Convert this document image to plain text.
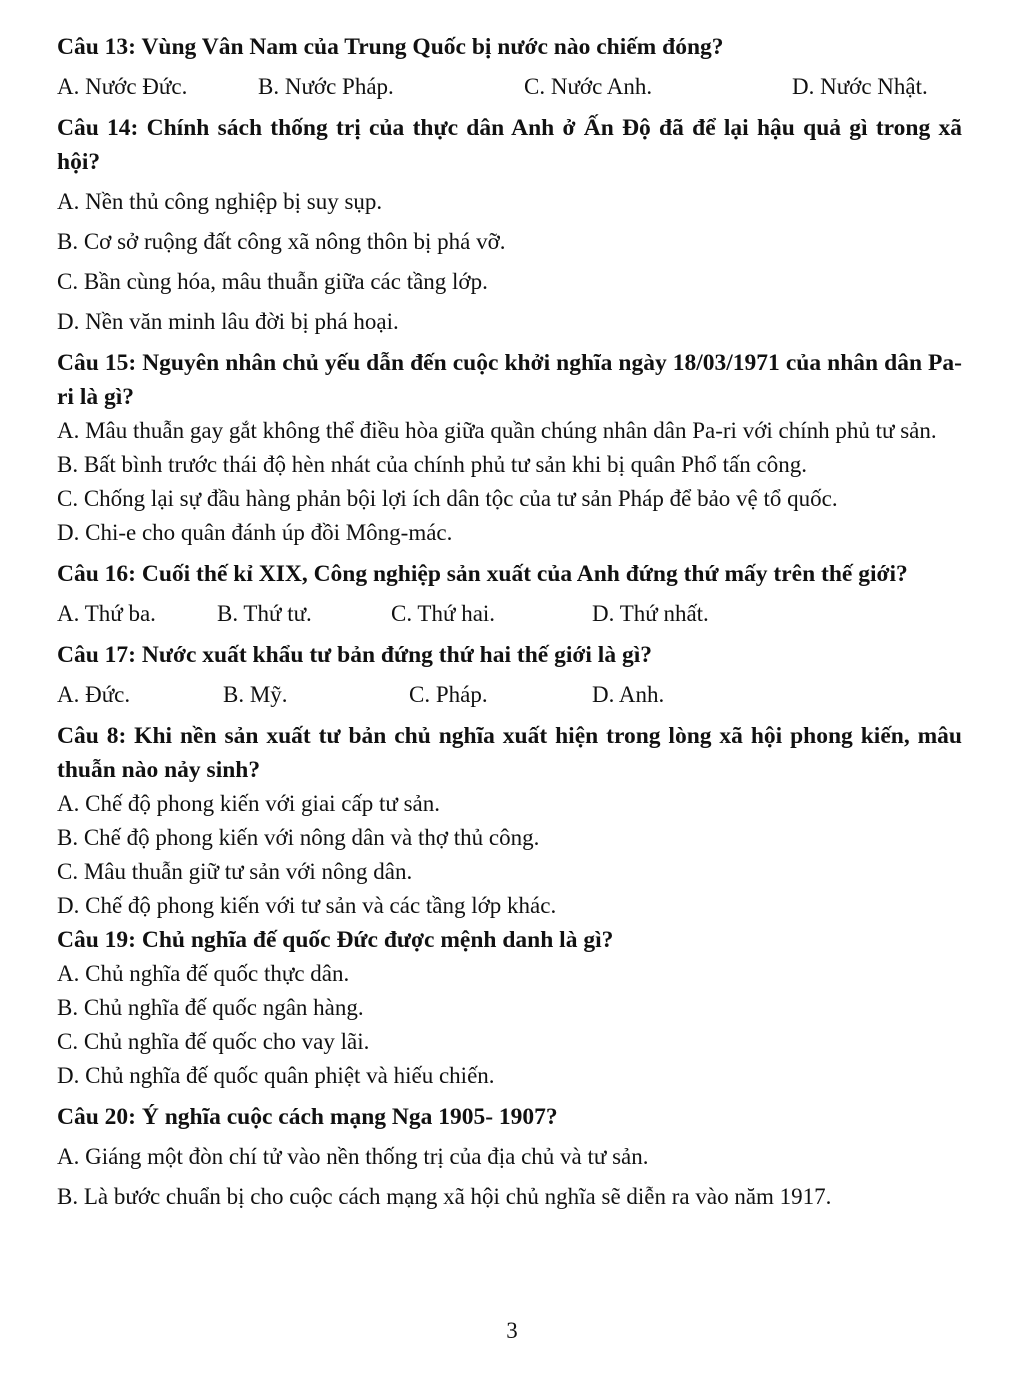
Câu 13: Vùng Vân Nam của Trung Quốc bị nước nào chiếm đóng?

A. Nước Đức.	B. Nước Pháp.	C. Nước Anh.	D. Nước Nhật.

Câu 14: Chính sách thống trị của thực dân Anh ở Ấn Độ đã để lại hậu quả gì trong xã hội?

A. Nền thủ công nghiệp bị suy sụp.

B. Cơ sở ruộng đất công xã nông thôn bị phá vỡ.

C. Bần cùng hóa, mâu thuẫn giữa các tầng lớp.

D. Nền văn minh lâu đời bị phá hoại.

Câu 15: Nguyên nhân chủ yếu dẫn đến cuộc khởi nghĩa ngày 18/03/1971 của nhân dân Pa-ri là gì?

A. Mâu thuẫn gay gắt không thể điều hòa giữa quần chúng nhân dân Pa-ri với chính phủ tư sản.

B. Bất bình trước thái độ hèn nhát của chính phủ tư sản khi bị quân Phổ tấn công.

C. Chống lại sự đầu hàng phản bội lợi ích dân tộc của tư sản Pháp để bảo vệ tổ quốc.

D. Chi-e cho quân đánh úp đồi Mông-mác.

Câu 16: Cuối thế kỉ XIX, Công nghiệp sản xuất của Anh đứng thứ mấy trên thế giới?

A. Thứ ba.	B. Thứ tư.	C. Thứ hai.	D. Thứ nhất.

Câu 17: Nước xuất khẩu tư bản đứng thứ hai thế giới là gì?

A. Đức.	B. Mỹ.	C. Pháp.	D. Anh.

Câu 8: Khi nền sản xuất tư bản chủ nghĩa xuất hiện trong lòng xã hội phong kiến, mâu thuẫn nào nảy sinh?

A. Chế độ phong kiến với giai cấp tư sản.

B. Chế độ phong kiến với nông dân và thợ thủ công.

C. Mâu thuẫn giữ tư sản với nông dân.

D. Chế độ phong kiến với tư sản và các tầng lớp khác.

Câu 19: Chủ nghĩa đế quốc Đức được mệnh danh là gì?

A. Chủ nghĩa đế quốc thực dân.

B. Chủ nghĩa đế quốc ngân hàng.

C. Chủ nghĩa đế quốc cho vay lãi.

D. Chủ nghĩa đế quốc quân phiệt và hiếu chiến.

Câu 20: Ý nghĩa cuộc cách mạng Nga 1905- 1907?

A. Giáng một đòn chí tử vào nền thống trị của địa chủ và tư sản.

B. Là bước chuẩn bị cho cuộc cách mạng xã hội chủ nghĩa sẽ diễn ra vào năm 1917.

3
